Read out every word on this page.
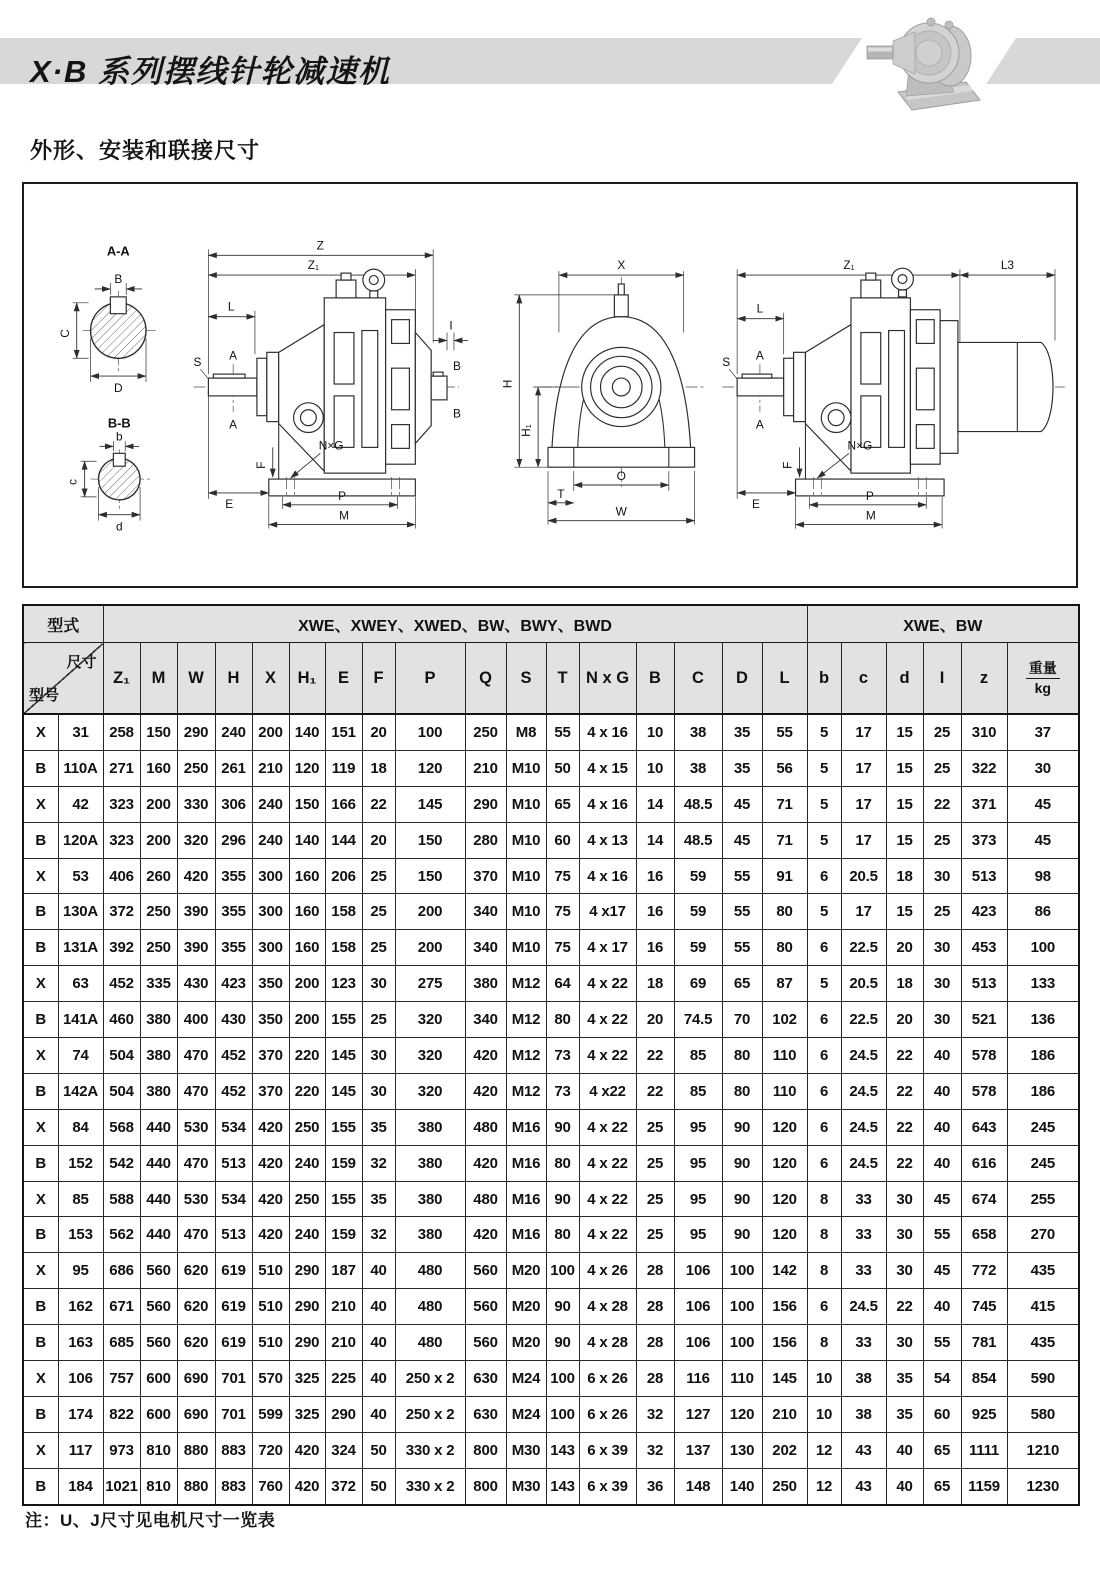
X·B 系列摆线针轮减速机
外形、安装和联接尺寸
A-A
B
C
D
B-B
b
c
d
Z
Z₁
L
I
S A
A
B
B
N×G
F
E
P
M
X
H
H₁
O
T
W
Z₁	L3
L
S A
A
N×G
F
E
P
M
型式		XWE、XWEY、XWED、BW、BWY、BWD																	XWE、BW					

尺寸
型号
	Z₁	M	W	H	X	H₁	E	F	P	Q	S	T	N x G	B	C	D	L	b	c	d	I	z	重量
kg

X	31	258	150	290	240	200	140	151	20	100	250	M8	55	4 x 16	10	38	35	55	5	17	15	25	310	37
B	110A	271	160	250	261	210	120	119	18	120	210	M10	50	4 x 15	10	38	35	56	5	17	15	25	322	30
X	42	323	200	330	306	240	150	166	22	145	290	M10	65	4 x 16	14	48.5	45	71	5	17	15	22	371	45
B	120A	323	200	320	296	240	140	144	20	150	280	M10	60	4 x 13	14	48.5	45	71	5	17	15	25	373	45
X	53	406	260	420	355	300	160	206	25	150	370	M10	75	4 x 16	16	59	55	91	6	20.5	18	30	513	98
B	130A	372	250	390	355	300	160	158	25	200	340	M10	75	4 x17	16	59	55	80	5	17	15	25	423	86
B	131A	392	250	390	355	300	160	158	25	200	340	M10	75	4 x 17	16	59	55	80	6	22.5	20	30	453	100
X	63	452	335	430	423	350	200	123	30	275	380	M12	64	4 x 22	18	69	65	87	5	20.5	18	30	513	133
B	141A	460	380	400	430	350	200	155	25	320	340	M12	80	4 x 22	20	74.5	70	102	6	22.5	20	30	521	136
X	74	504	380	470	452	370	220	145	30	320	420	M12	73	4 x 22	22	85	80	110	6	24.5	22	40	578	186
B	142A	504	380	470	452	370	220	145	30	320	420	M12	73	4 x22	22	85	80	110	6	24.5	22	40	578	186
X	84	568	440	530	534	420	250	155	35	380	480	M16	90	4 x 22	25	95	90	120	6	24.5	22	40	643	245
B	152	542	440	470	513	420	240	159	32	380	420	M16	80	4 x 22	25	95	90	120	6	24.5	22	40	616	245
X	85	588	440	530	534	420	250	155	35	380	480	M16	90	4 x 22	25	95	90	120	8	33	30	45	674	255
B	153	562	440	470	513	420	240	159	32	380	420	M16	80	4 x 22	25	95	90	120	8	33	30	55	658	270
X	95	686	560	620	619	510	290	187	40	480	560	M20	100	4 x 26	28	106	100	142	8	33	30	45	772	435
B	162	671	560	620	619	510	290	210	40	480	560	M20	90	4 x 28	28	106	100	156	6	24.5	22	40	745	415
B	163	685	560	620	619	510	290	210	40	480	560	M20	90	4 x 28	28	106	100	156	8	33	30	55	781	435
X	106	757	600	690	701	570	325	225	40	250 x 2	630	M24	100	6 x 26	28	116	110	145	10	38	35	54	854	590
B	174	822	600	690	701	599	325	290	40	250 x 2	630	M24	100	6 x 26	32	127	120	210	10	38	35	60	925	580
X	117	973	810	880	883	720	420	324	50	330 x 2	800	M30	143	6 x 39	32	137	130	202	12	43	40	65	1111	1210
B	184	1021	810	880	883	760	420	372	50	330 x 2	800	M30	143	6 x 39	36	148	140	250	12	43	40	65	1159	1230
注：U、J尺寸见电机尺寸一览表
